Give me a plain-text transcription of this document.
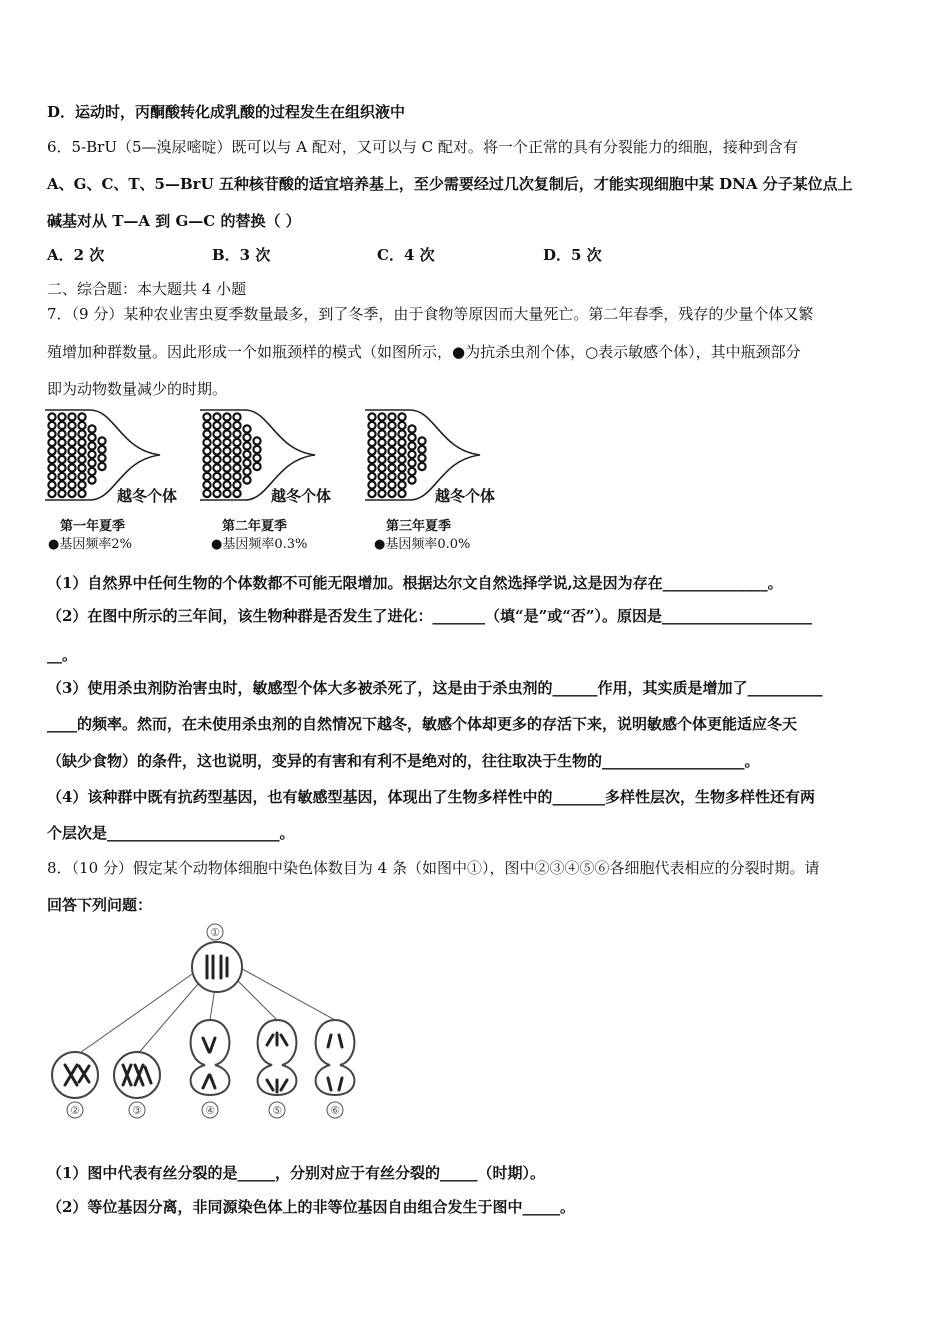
D．运动时，丙酮酸转化成乳酸的过程发生在组织液中
6．5-BrU（5—溴尿嘧啶）既可以与 A 配对，又可以与 C 配对。将一个正常的具有分裂能力的细胞，接种到含有
A、G、C、T、5—BrU 五种核苷酸的适宜培养基上，至少需要经过几次复制后，才能实现细胞中某 DNA 分子某位点上
碱基对从 T—A 到 G—C 的替换（ ）
A．2 次	B．3 次	C．4 次	D．5 次
二、综合题：本大题共 4 小题
7．（9 分）某种农业害虫夏季数量最多，到了冬季，由于食物等原因而大量死亡。第二年春季，残存的少量个体又繁
殖增加种群数量。因此形成一个如瓶颈样的模式（如图所示，●为抗杀虫剂个体，○表示敏感个体），其中瓶颈部分
即为动物数量减少的时期。
越冬个体	越冬个体	越冬个体
第一年夏季
●基因频率2%
第二年夏季
●基因频率0.3%
第三年夏季
●基因频率0.0%
（1）自然界中任何生物的个体数都不可能无限增加。根据达尔文自然选择学说,这是因为存在______________。
（2）在图中所示的三年间，该生物种群是否发生了进化：_______（填“是”或“否”）。原因是____________________
__。
（3）使用杀虫剂防治害虫时，敏感型个体大多被杀死了，这是由于杀虫剂的______作用，其实质是增加了__________
____的频率。然而，在未使用杀虫剂的自然情况下越冬，敏感个体却更多的存活下来，说明敏感个体更能适应冬天
（缺少食物）的条件，这也说明，变异的有害和有利不是绝对的，往往取决于生物的___________________。
（4）该种群中既有抗药型基因，也有敏感型基因，体现出了生物多样性中的_______多样性层次，生物多样性还有两
个层次是_______________________。
8．（10 分）假定某个动物体细胞中染色体数目为 4 条（如图中①），图中②③④⑤⑥各细胞代表相应的分裂时期。请
回答下列问题：
①
②	③	④	⑤	⑥
（1）图中代表有丝分裂的是_____，分别对应于有丝分裂的_____（时期）。
（2）等位基因分离，非同源染色体上的非等位基因自由组合发生于图中_____。
